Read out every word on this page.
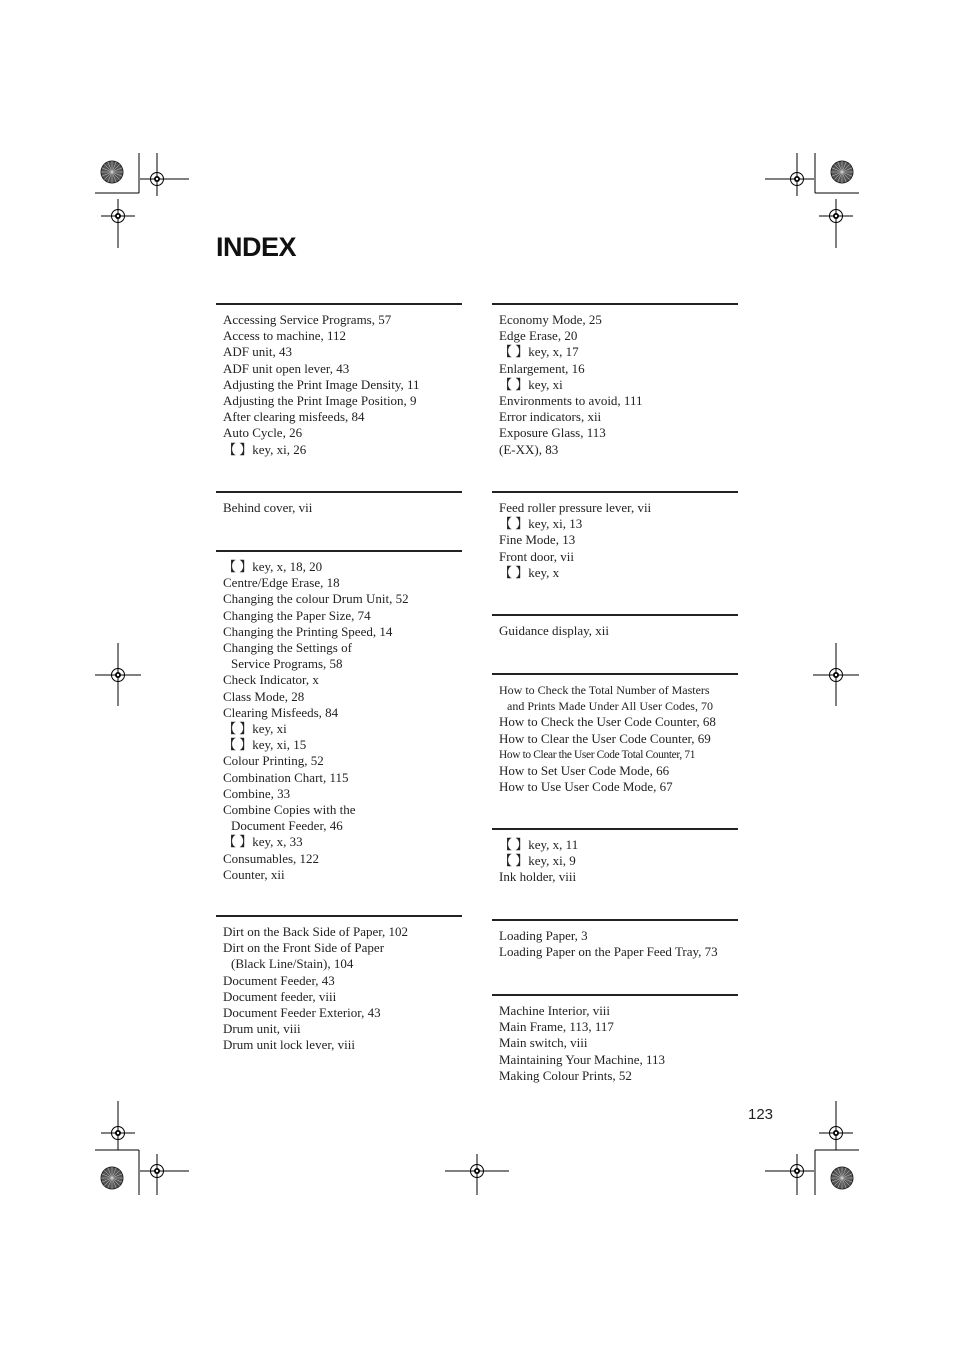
INDEX
Accessing Service Programs, 57
Access to machine, 112
ADF unit, 43
ADF unit open lever, 43
Adjusting the Print Image Density, 11
Adjusting the Print Image Position, 9
After clearing misfeeds, 84
Auto Cycle, 26
【 】key, xi, 26
Behind cover, vii
【 】key, x, 18, 20
Centre/Edge Erase, 18
Changing the colour Drum Unit, 52
Changing the Paper Size, 74
Changing the Printing Speed, 14
Changing the Settings of
Service Programs, 58
Check Indicator, x
Class Mode, 28
Clearing Misfeeds, 84
【 】key, xi
【 】key, xi, 15
Colour Printing, 52
Combination Chart, 115
Combine, 33
Combine Copies with the
Document Feeder, 46
【 】key, x, 33
Consumables, 122
Counter, xii
Dirt on the Back Side of Paper, 102
Dirt on the Front Side of Paper
(Black Line/Stain), 104
Document Feeder, 43
Document feeder, viii
Document Feeder Exterior, 43
Drum unit, viii
Drum unit lock lever, viii
Economy Mode, 25
Edge Erase, 20
【 】key, x, 17
Enlargement, 16
【 】key, xi
Environments to avoid, 111
Error indicators, xii
Exposure Glass, 113
(E-XX), 83
Feed roller pressure lever, vii
【 】key, xi, 13
Fine Mode, 13
Front door, vii
【 】key, x
Guidance display, xii
How to Check the Total Number of Masters
and Prints Made Under All User Codes, 70
How to Check the User Code Counter, 68
How to Clear the User Code Counter, 69
How to Clear the User Code Total Counter, 71
How to Set User Code Mode, 66
How to Use User Code Mode, 67
【 】key, x, 11
【 】key, xi, 9
Ink holder, viii
Loading Paper, 3
Loading Paper on the Paper Feed Tray, 73
Machine Interior, viii
Main Frame, 113, 117
Main switch, viii
Maintaining Your Machine, 113
Making Colour Prints, 52
123
